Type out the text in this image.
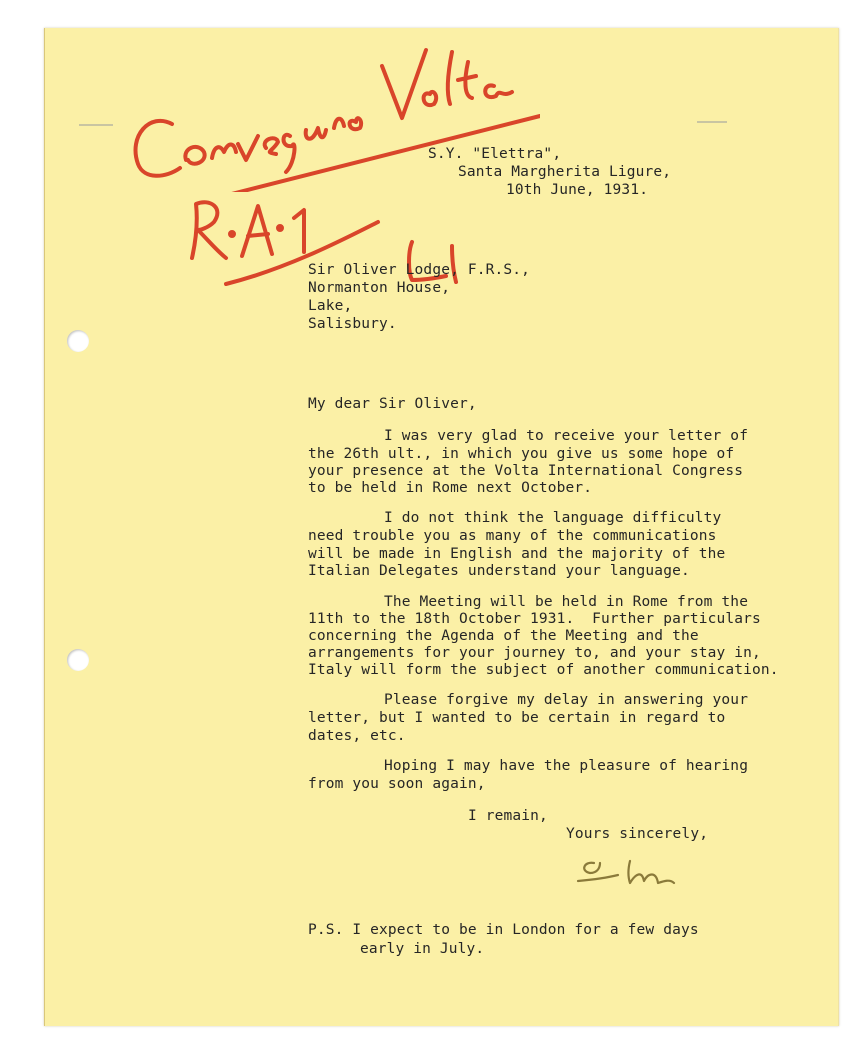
S.Y. "Elettra",
Santa Margherita Ligure,
10th June, 1931.
Sir Oliver Lodge, F.R.S.,
Normanton House,
Lake,
Salisbury.
My dear Sir Oliver,
I was very glad to receive your letter of
the 26th ult., in which you give us some hope of
your presence at the Volta International Congress
to be held in Rome next October.
I do not think the language difficulty
need trouble you as many of the communications
will be made in English and the majority of the
Italian Delegates understand your language.
The Meeting will be held in Rome from the
11th to the 18th October 1931.  Further particulars
concerning the Agenda of the Meeting and the
arrangements for your journey to, and your stay in,
Italy will form the subject of another communication.
Please forgive my delay in answering your
letter, but I wanted to be certain in regard to
dates, etc.
Hoping I may have the pleasure of hearing
from you soon again,
I remain,
Yours sincerely,
P.S. I expect to be in London for a few days
early in July.
